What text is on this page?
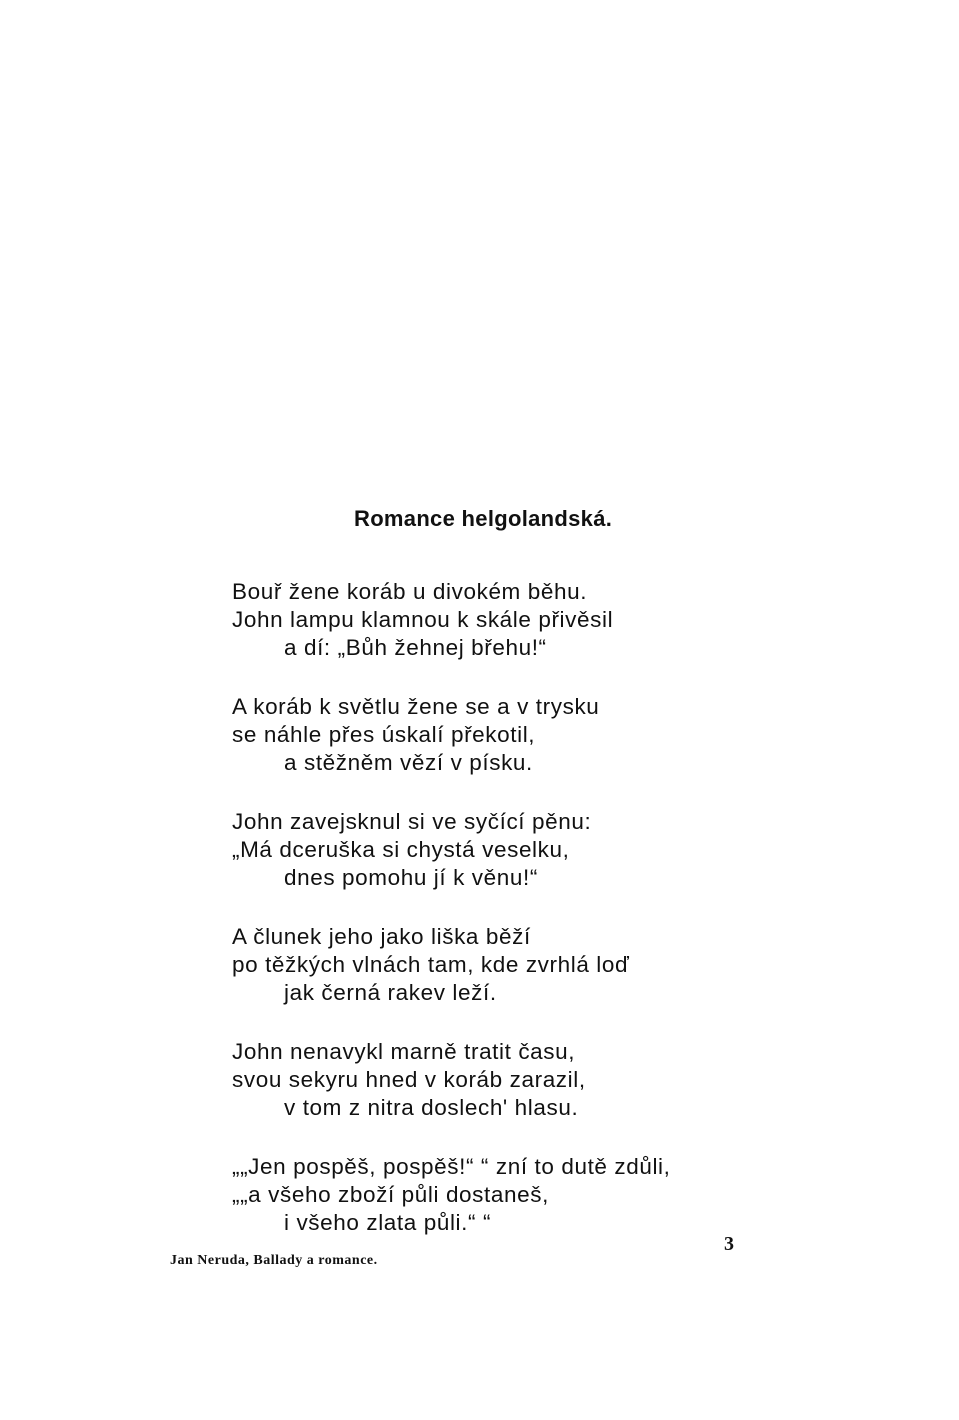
Romance helgolandská.
Bouř žene koráb u divokém běhu.
John lampu klamnou k skále přivěsil
a dí: „Bůh žehnej břehu!“
A koráb k světlu žene se a v trysku
se náhle přes úskalí překotil,
a stěžněm vězí v písku.
John zavejsknul si ve syčící pěnu:
„Má dceruška si chystá veselku,
dnes pomohu jí k věnu!“
A člunek jeho jako liška běží
po těžkých vlnách tam, kde zvrhlá loď
jak černá rakev leží.
John nenavykl marně tratit času,
svou sekyru hned v koráb zarazil,
v tom z nitra doslech' hlasu.
„„Jen pospěš, pospěš!“ “ zní to dutě zdůli,
„„a všeho zboží půli dostaneš,
i všeho zlata půli.“ “
Jan Neruda, Ballady a romance.
3
